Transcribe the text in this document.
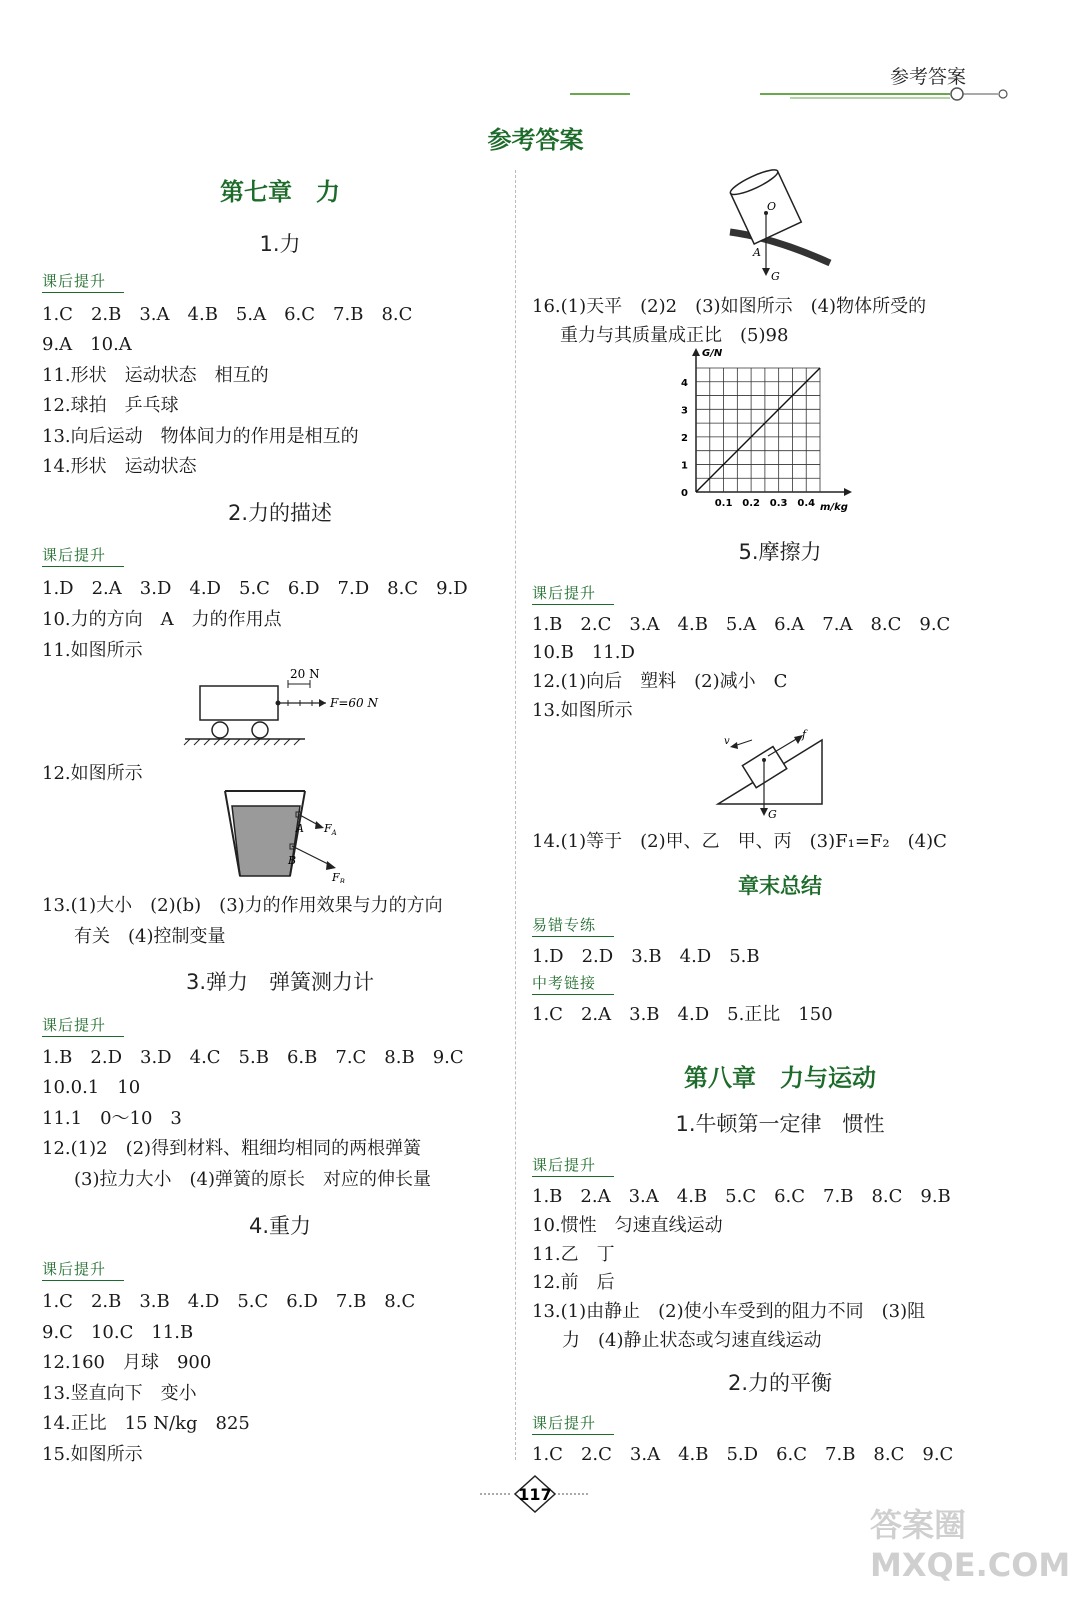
参考答案
参考答案
第七章　力
1.力
课后提升
1.C　2.B　3.A　4.B　5.A　6.C　7.B　8.C
9.A　10.A
11.形状　运动状态　相互的
12.球拍　乒乓球
13.向后运动　物体间力的作用是相互的
14.形状　运动状态
2.力的描述
课后提升
1.D　2.A　3.D　4.D　5.C　6.D　7.D　8.C　9.D
10.力的方向　A　力的作用点
11.如图所示
20 N
F=60 N
12.如图所示
A $F_A$
B
$F_B$
13.(1)大小　(2)(b)　(3)力的作用效果与力的方向
有关　(4)控制变量
3.弹力　弹簧测力计
课后提升
1.B　2.D　3.D　4.C　5.B　6.B　7.C　8.B　9.C
10.0.1　10
11.1　0～10　3
12.(1)2　(2)得到材料、粗细均相同的两根弹簧
(3)拉力大小　(4)弹簧的原长　对应的伸长量
4.重力
课后提升
1.C　2.B　3.B　4.D　5.C　6.D　7.B　8.C
9.C　10.C　11.B
12.160　月球　900
13.竖直向下　变小
14.正比　15 N/kg　825
15.如图所示
O
A
G
16.(1)天平　(2)2　(3)如图所示　(4)物体所受的
重力与其质量成正比　(5)98
G/N
m/kg
0.1 0.2 0.3 0.4
0
1
2
3
4
5.摩擦力
课后提升
1.B　2.C　3.A　4.B　5.A　6.A　7.A　8.C　9.C
10.B　11.D
12.(1)向后　塑料　(2)减小　C
13.如图所示
G
f
v
14.(1)等于　(2)甲、乙　甲、丙　(3)F₁=F₂　(4)C
章末总结
易错专练
1.D　2.D　3.B　4.D　5.B
中考链接
1.C　2.A　3.B　4.D　5.正比　150
第八章　力与运动
1.牛顿第一定律　惯性
课后提升
1.B　2.A　3.A　4.B　5.C　6.C　7.B　8.C　9.B
10.惯性　匀速直线运动
11.乙　丁
12.前　后
13.(1)由静止　(2)使小车受到的阻力不同　(3)阻
力　(4)静止状态或匀速直线运动
2.力的平衡
课后提升
1.C　2.C　3.A　4.B　5.D　6.C　7.B　8.C　9.C
117
答案圈 MXQE.COM
